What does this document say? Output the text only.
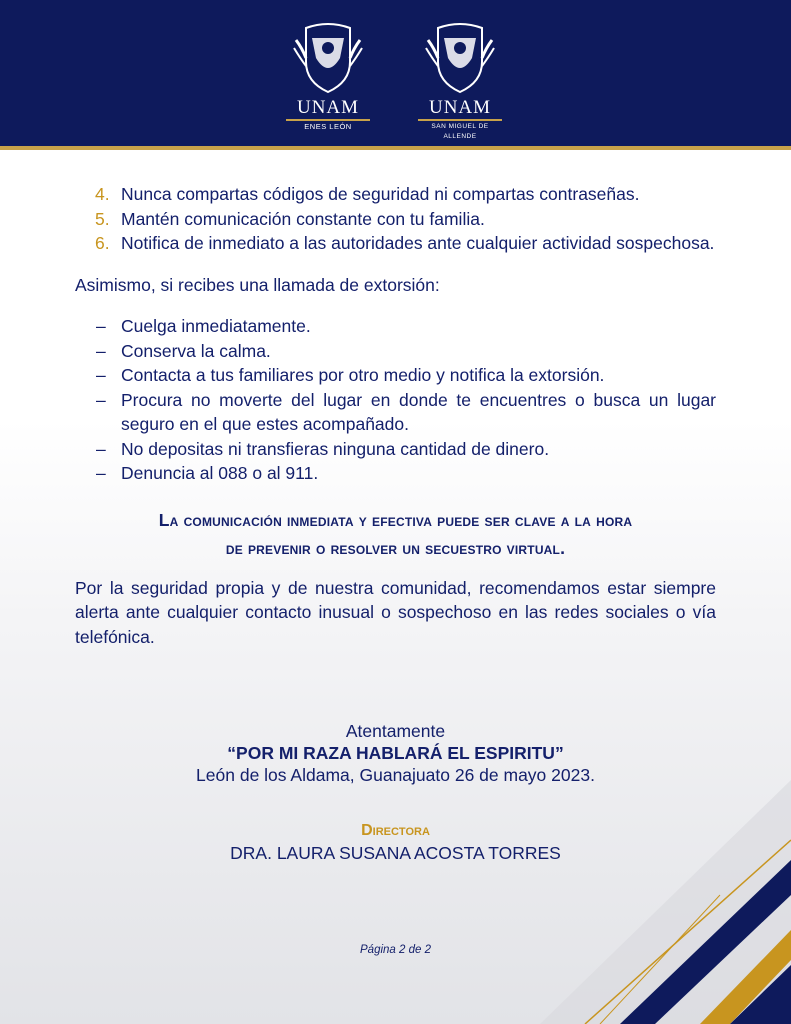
UNAM
ENES LEÓN
UNAM
SAN MIGUEL DE ALLENDE
4. Nunca compartas códigos de seguridad ni compartas contraseñas.
5. Mantén comunicación constante con tu familia.
6. Notifica de inmediato a las autoridades ante cualquier actividad sospechosa.

Asimismo, si recibes una llamada de extorsión:

– Cuelga inmediatamente.
– Conserva la calma.
– Contacta a tus familiares por otro medio y notifica la extorsión.
– Procura no moverte del lugar en donde te encuentres o busca un lugar seguro en el que estes acompañado.
– No depositas ni transfieras ninguna cantidad de dinero.
– Denuncia al 088 o al 911.

La comunicación inmediata y efectiva puede ser clave a la hora

de prevenir o resolver un secuestro virtual.

Por la seguridad propia y de nuestra comunidad, recomendamos estar siempre alerta ante cualquier contacto inusual o sospechoso en las redes sociales o vía telefónica.

Atentamente
“POR MI RAZA HABLARÁ EL ESPIRITU”
León de los Aldama, Guanajuato 26 de mayo 2023.
Directora
DRA. LAURA SUSANA ACOSTA TORRES
Página 2 de 2
